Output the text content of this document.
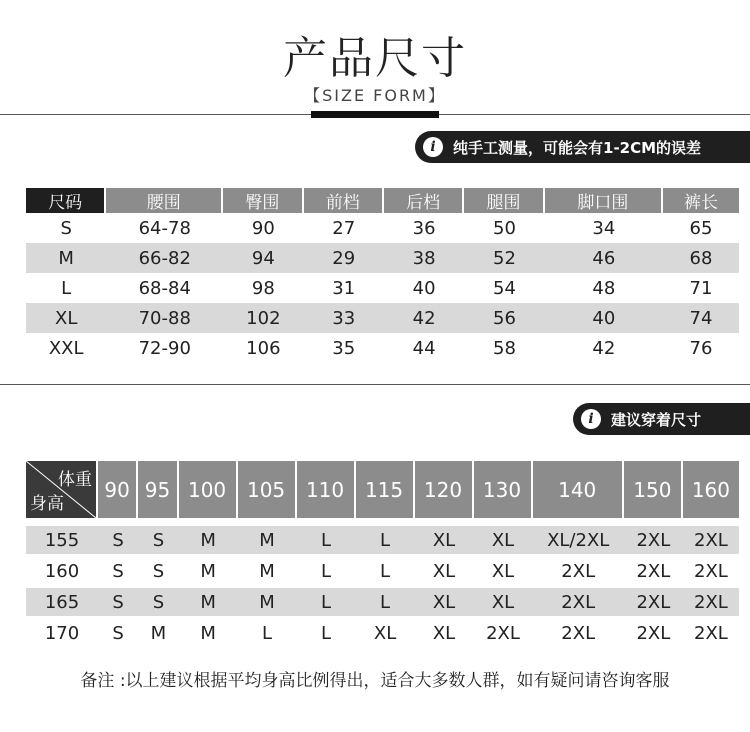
产品尺寸
【SIZE FORM】
i	纯手工测量，可能会有1-2CM的误差
尺码	腰围	臀围	前档	后档	腿围	脚口围	裤长
S	64-78	90	27	36	50	34	65
M	66-82	94	29	38	52	46	68
L	68-84	98	31	40	54	48	71
XL	70-88	102	33	42	56	40	74
XXL	72-90	106	35	44	58	42	76
i	建议穿着尺寸
体重
身高	90	95	100	105	110	115	120	130	140	150	160
155	S	S	M	M	L	L	XL	XL	XL/2XL	2XL	2XL
160	S	S	M	M	L	L	XL	XL	2XL	2XL	2XL
165	S	S	M	M	L	L	XL	XL	2XL	2XL	2XL
170	S	M	M	L	L	XL	XL	2XL	2XL	2XL	2XL
备注 :以上建议根据平均身高比例得出，适合大多数人群，如有疑问请咨询客服
